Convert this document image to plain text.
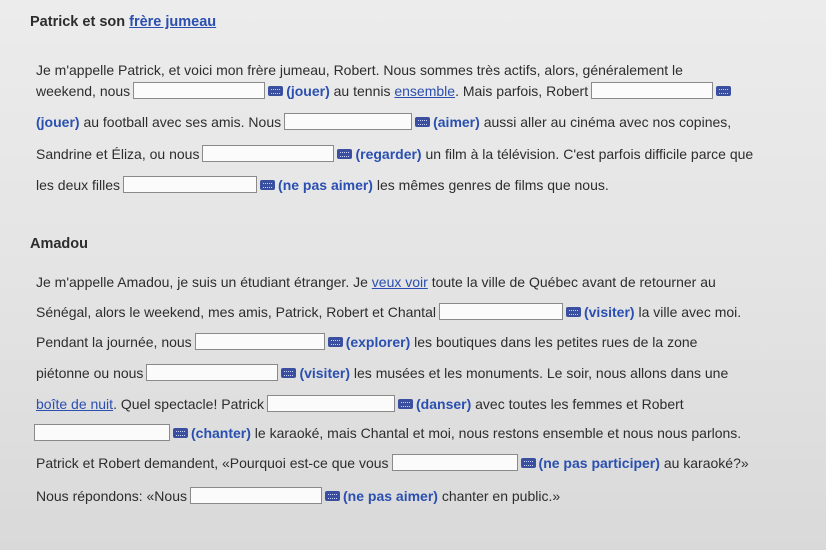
Patrick et son
frère jumeau
Je m'appelle Patrick, et voici mon frère jumeau, Robert. Nous sommes très actifs, alors, généralement le
weekend, nous	(jouer)
au tennis
ensemble . Mais parfois, Robert
(jouer)
au football avec ses amis. Nous	(aimer)
aussi aller au cinéma avec nos copines,
Sandrine et Éliza, ou nous	(regarder)
un film à la télévision. C'est parfois difficile parce que
les deux filles	(ne pas aimer)
les mêmes genres de films que nous.
Amadou
Je m'appelle Amadou, je suis un étudiant étranger. Je
veux voir
toute la ville de Québec avant de retourner au
Sénégal, alors le weekend, mes amis, Patrick, Robert et Chantal	(visiter)
la ville avec moi.
Pendant la journée, nous	(explorer)
les boutiques dans les petites rues de la zone
piétonne ou nous	(visiter)
les musées et les monuments. Le soir, nous allons dans une
boîte de nuit . Quel spectacle! Patrick	(danser)
avec toutes les femmes et Robert
(chanter)
le karaoké, mais Chantal et moi, nous restons ensemble et nous nous parlons.
Patrick et Robert demandent, «Pourquoi est-ce que vous	(ne pas participer)
au karaoké?»
Nous répondons: «Nous	(ne pas aimer)
chanter en public.»
